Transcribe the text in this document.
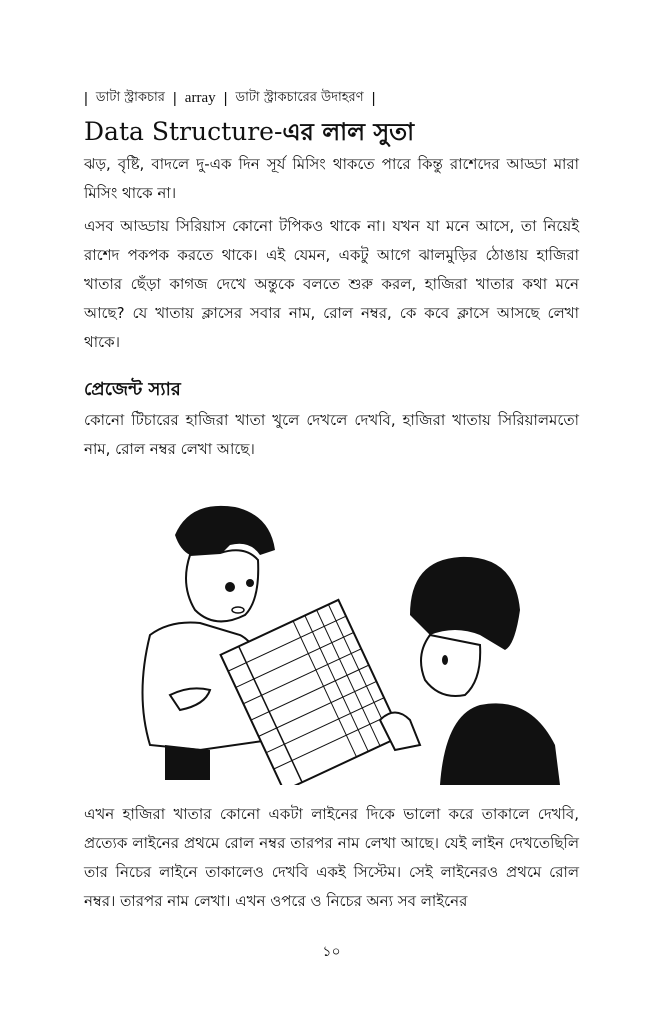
| ডাটা স্ট্রাকচার | array | ডাটা স্ট্রাকচারের উদাহরণ |
Data Structure-এর লাল সুতা

ঝড়, বৃষ্টি, বাদলে দু-এক দিন সূর্য মিসিং থাকতে পারে কিন্তু রাশেদের আড্ডা মারা মিসিং থাকে না।

এসব আড্ডায় সিরিয়াস কোনো টপিকও থাকে না। যখন যা মনে আসে, তা নিয়েই রাশেদ পকপক করতে থাকে। এই যেমন, একটু আগে ঝালমুড়ির ঠোঙায় হাজিরা খাতার ছেঁড়া কাগজ দেখে অন্তুকে বলতে শুরু করল, হাজিরা খাতার কথা মনে আছে? যে খাতায় ক্লাসের সবার নাম, রোল নম্বর, কে কবে ক্লাসে আসছে লেখা থাকে।

প্রেজেন্ট স্যার

কোনো টিচারের হাজিরা খাতা খুলে দেখলে দেখবি, হাজিরা খাতায় সিরিয়ালমতো নাম, রোল নম্বর লেখা আছে।

এখন হাজিরা খাতার কোনো একটা লাইনের দিকে ভালো করে তাকালে দেখবি, প্রত্যেক লাইনের প্রথমে রোল নম্বর তারপর নাম লেখা আছে। যেই লাইন দেখতেছিলি তার নিচের লাইনে তাকালেও দেখবি একই সিস্টেম। সেই লাইনেরও প্রথমে রোল নম্বর। তারপর নাম লেখা। এখন ওপরে ও নিচের অন্য সব লাইনের

১০
